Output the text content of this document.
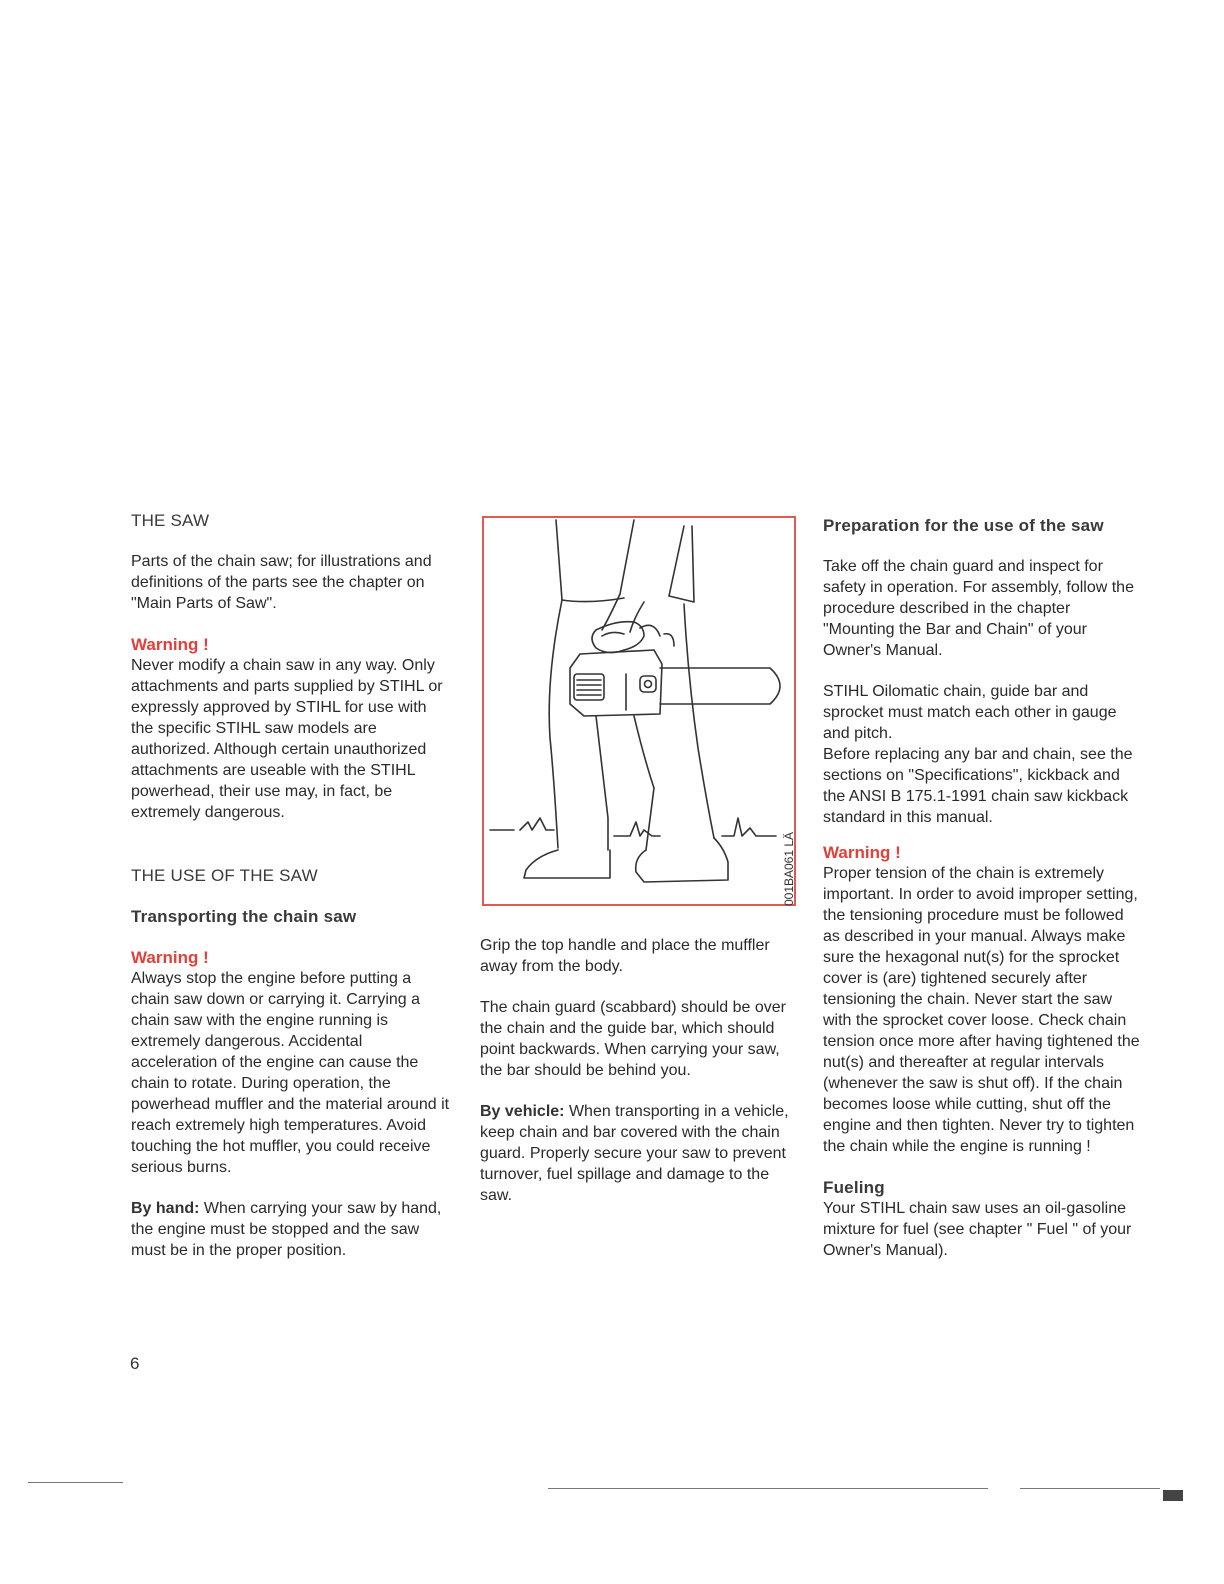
THE SAW

Parts of the chain saw; for illustrations and definitions of the parts see the chapter on "Main Parts of Saw".

Warning !

Never modify a chain saw in any way. Only attachments and parts supplied by STIHL or expressly approved by STIHL for use with the specific STIHL saw models are authorized. Although certain unauthorized attachments are useable with the STIHL powerhead, their use may, in fact, be extremely dangerous.

THE USE OF THE SAW

Transporting the chain saw

Warning !

Always stop the engine before putting a chain saw down or carrying it. Carrying a chain saw with the engine running is extremely dangerous. Accidental acceleration of the engine can cause the chain to rotate. During operation, the powerhead muffler and the material around it reach extremely high temperatures. Avoid touching the hot muffler, you could receive serious burns.

By hand: When carrying your saw by hand, the engine must be stopped and the saw must be in the proper position.

001BA061 LÄ

Grip the top handle and place the muffler away from the body.

The chain guard (scabbard) should be over the chain and the guide bar, which should point backwards. When carrying your saw, the bar should be behind you.

By vehicle: When transporting in a vehicle, keep chain and bar covered with the chain guard. Properly secure your saw to prevent turnover, fuel spillage and damage to the saw.

Preparation for the use of the saw

Take off the chain guard and inspect for safety in operation. For assembly, follow the procedure described in the chapter "Mounting the Bar and Chain" of your Owner's Manual.

STIHL Oilomatic chain, guide bar and sprocket must match each other in gauge and pitch.

Before replacing any bar and chain, see the sections on "Specifications", kickback and the ANSI B 175.1-1991 chain saw kickback standard in this manual.

Warning !

Proper tension of the chain is extremely important. In order to avoid improper setting, the tensioning procedure must be followed as described in your manual. Always make sure the hexagonal nut(s) for the sprocket cover is (are) tightened securely after tensioning the chain. Never start the saw with the sprocket cover loose. Check chain tension once more after having tightened the nut(s) and thereafter at regular intervals (whenever the saw is shut off). If the chain becomes loose while cutting, shut off the engine and then tighten. Never try to tighten the chain while the engine is running !

Fueling

Your STIHL chain saw uses an oil-gasoline mixture for fuel (see chapter " Fuel " of your Owner's Manual).

6
